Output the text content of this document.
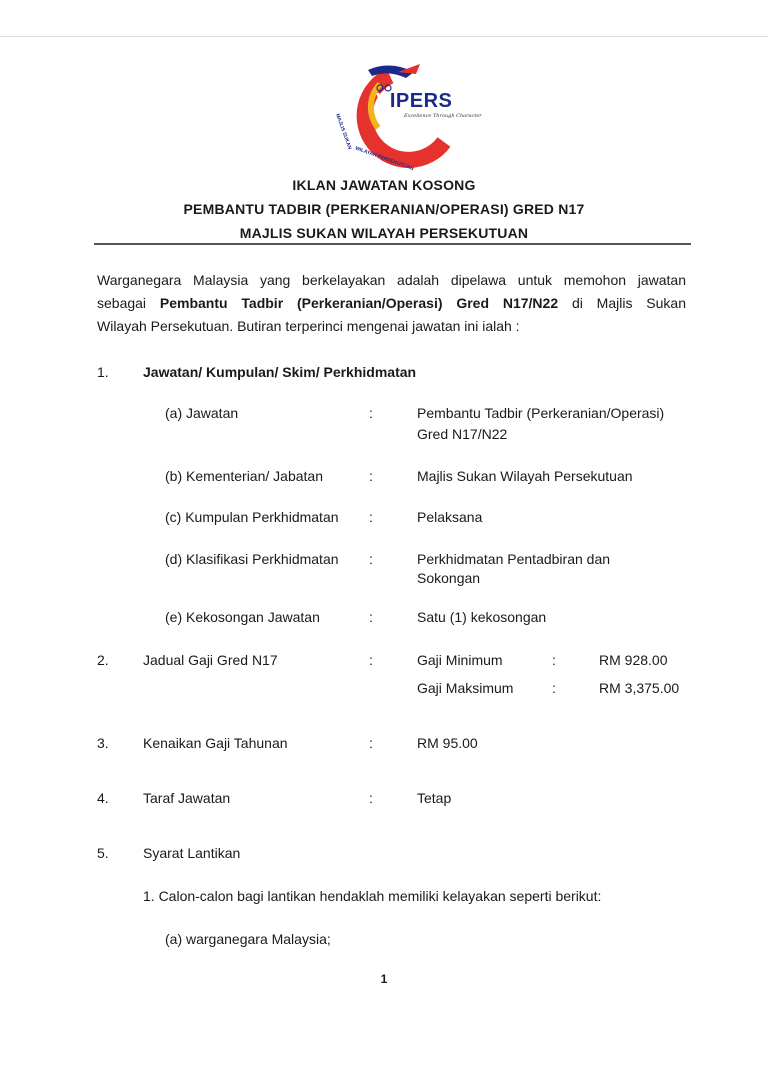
MAJLIS SUKAN
WILAYAH PERSEKUTUAN
VIPERS
Excellence Through Character
IKLAN JAWATAN KOSONG
PEMBANTU TADBIR (PERKERANIAN/OPERASI) GRED N17
MAJLIS SUKAN WILAYAH PERSEKUTUAN

Warganegara Malaysia yang berkelayakan adalah dipelawa untuk memohon jawatan

sebagai Pembantu Tadbir (Perkeranian/Operasi) Gred N17/N22 di Majlis Sukan

Wilayah Persekutuan. Butiran terperinci mengenai jawatan ini ialah :

1. Jawatan/ Kumpulan/ Skim/ Perkhidmatan
(a) Jawatan	:	Pembantu Tadbir (Perkeranian/Operasi)
Gred N17/N22
(b) Kementerian/ Jabatan	:	Majlis Sukan Wilayah Persekutuan
(c) Kumpulan Perkhidmatan :	Pelaksana
(d) Klasifikasi Perkhidmatan :	Perkhidmatan Pentadbiran dan
Sokongan
(e) Kekosongan Jawatan	:	Satu (1) kekosongan
2. Jadual Gaji Gred N17	:	Gaji Minimum	:	RM 928.00
Gaji Maksimum	:	RM 3,375.00
3. Kenaikan Gaji Tahunan	:	RM 95.00
4. Taraf Jawatan	:	Tetap
5. Syarat Lantikan
1. Calon-calon bagi lantikan hendaklah memiliki kelayakan seperti berikut:
(a) warganegara Malaysia;
1
